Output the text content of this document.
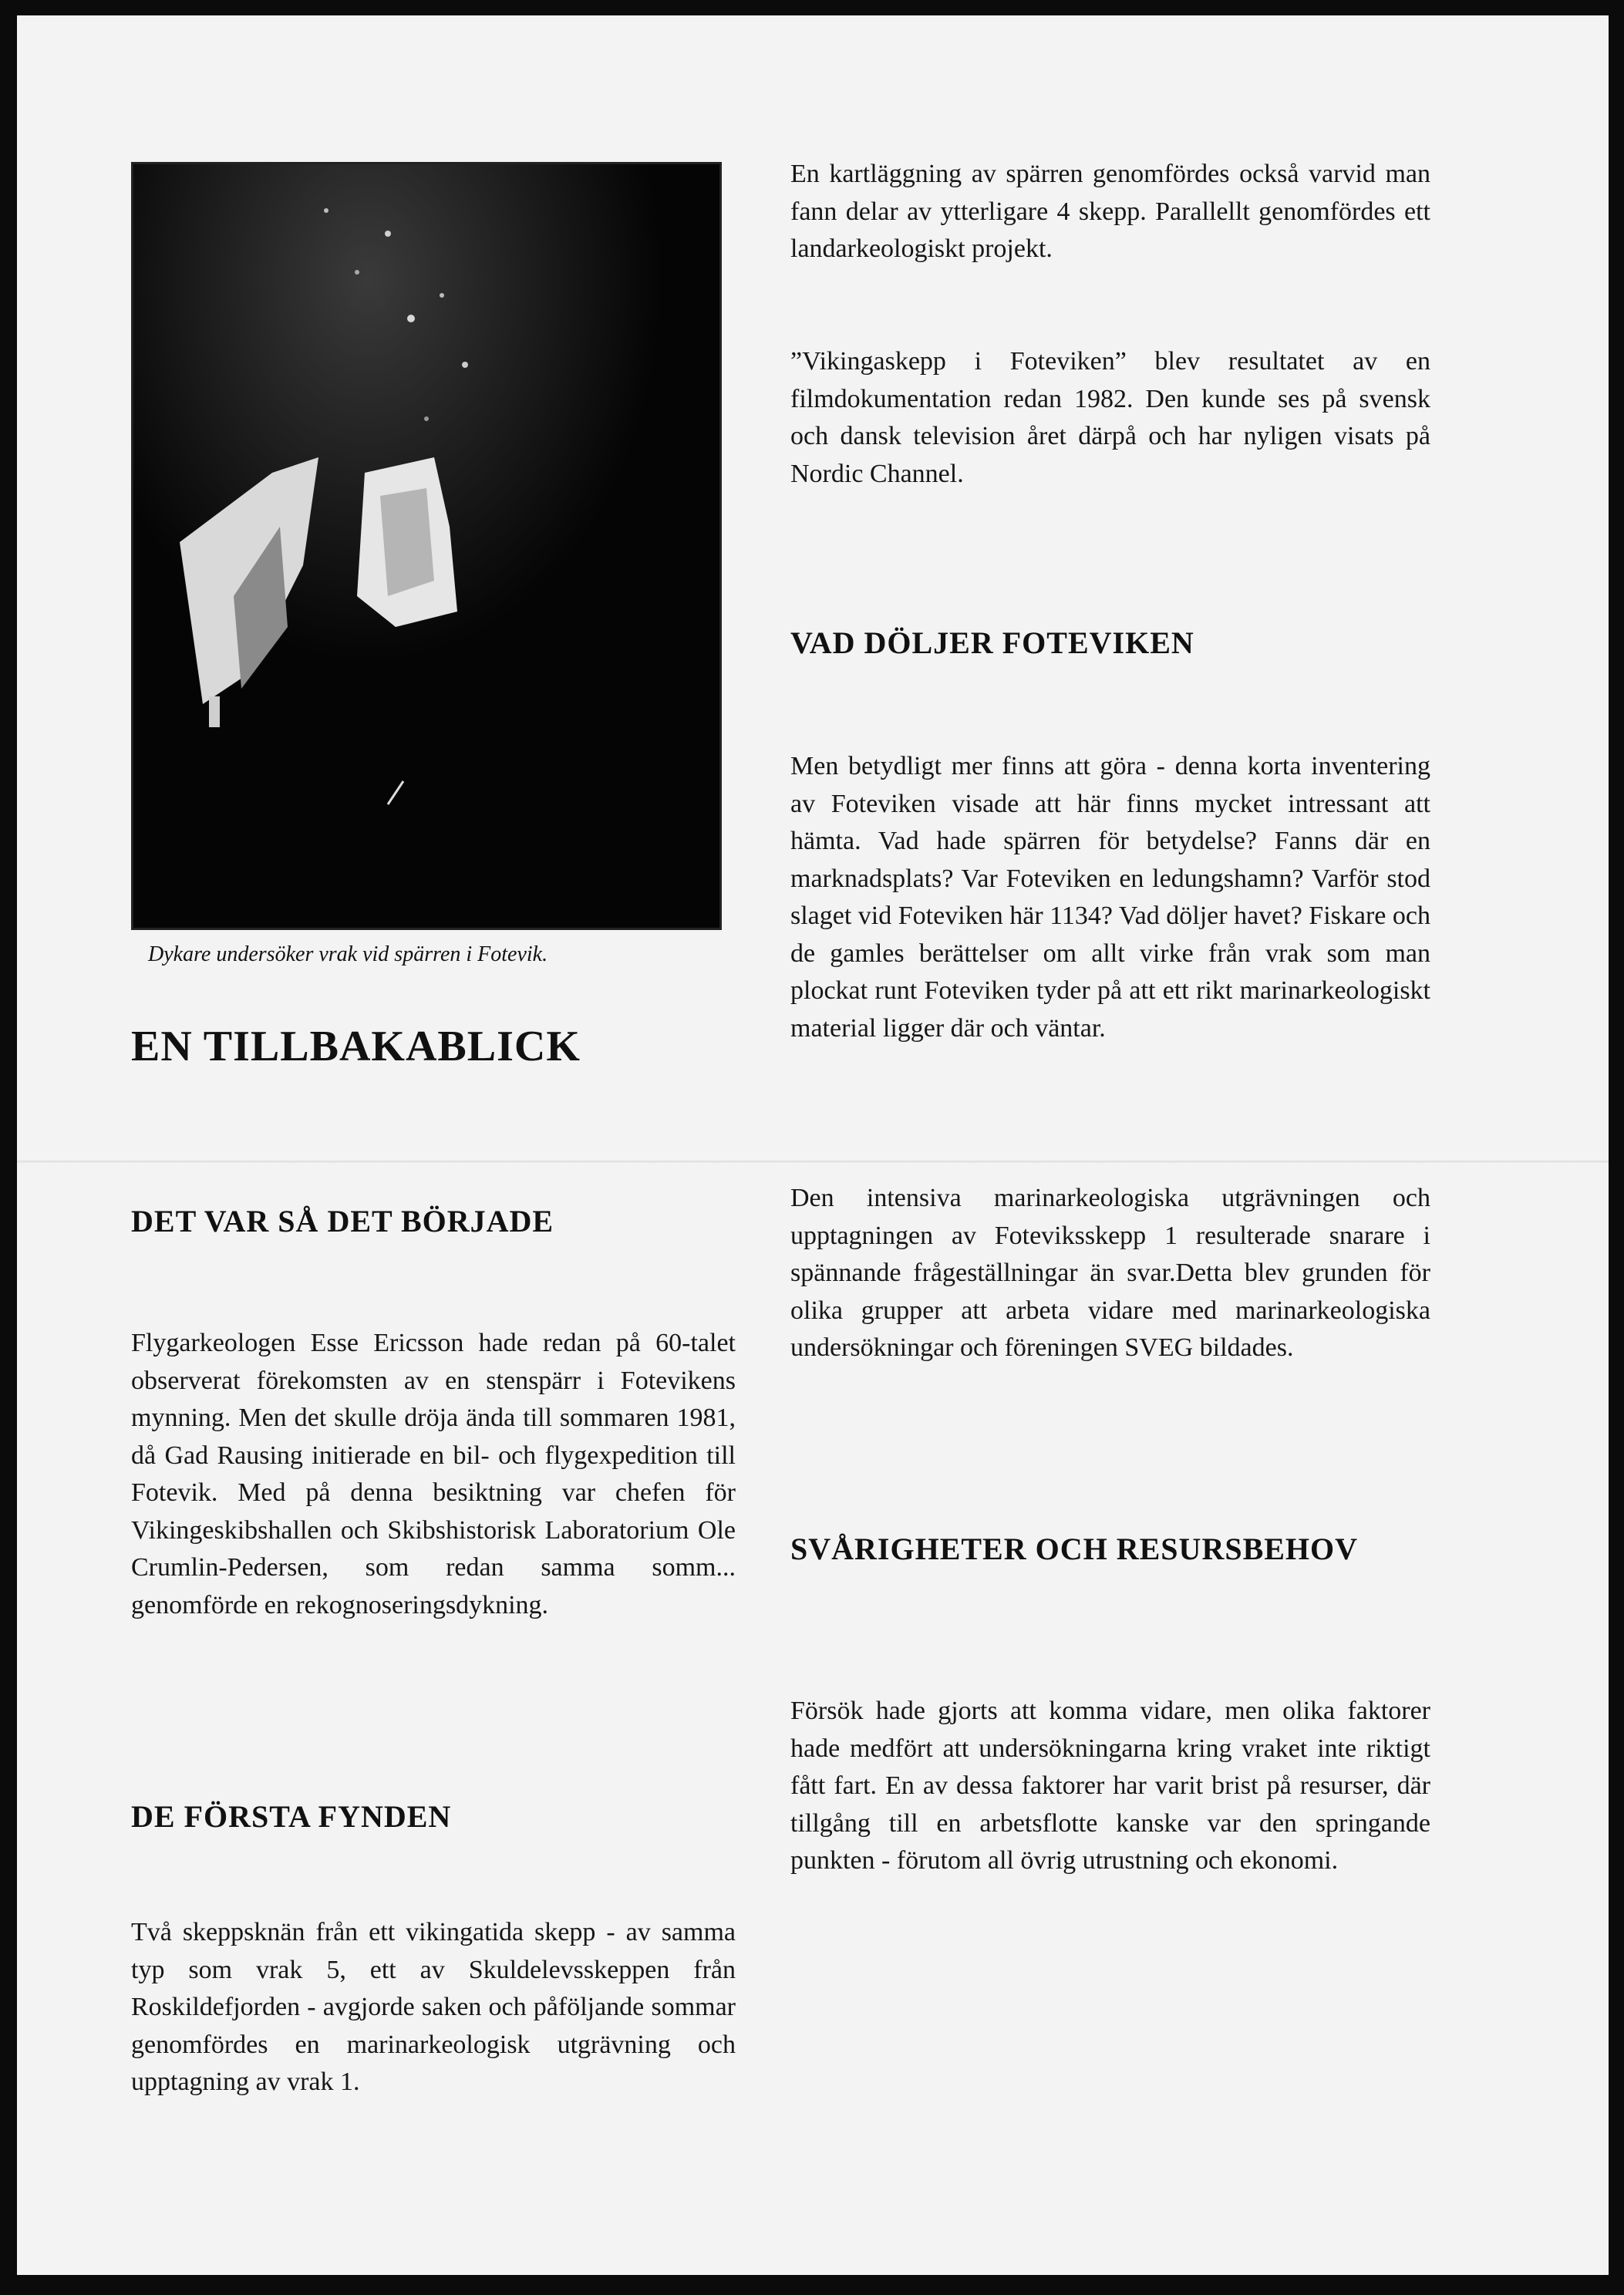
Dykare undersöker vrak vid spärren i Fotevik.

EN TILLBAKABLICK
DET VAR SÅ DET BÖRJADE

Flygarkeologen Esse Ericsson hade redan på 60-talet observerat förekomsten av en stenspärr i Fotevikens mynning. Men det skulle dröja ända till sommaren 1981, då Gad Rausing initierade en bil- och flygexpedition till Fotevik. Med på denna besiktning var chefen för Vikingeskibshallen och Skibshistorisk Laboratorium Ole Crumlin-Pedersen, som redan samma somm... genomförde en rekognoseringsdykning.

DE FÖRSTA FYNDEN

Två skeppsknän från ett vikingatida skepp - av samma typ som vrak 5, ett av Skuldelevsskeppen från Roskildefjorden - avgjorde saken och påföljande sommar genomfördes en marinarkeologisk utgrävning och upptagning av vrak 1.

En kartläggning av spärren genomfördes också varvid man fann delar av ytterligare 4 skepp. Parallellt genomfördes ett landarkeologiskt projekt.

”Vikingaskepp i Foteviken” blev resultatet av en filmdokumentation redan 1982. Den kunde ses på svensk och dansk television året därpå och har nyligen visats på Nordic Channel.

VAD DÖLJER FOTEVIKEN

Men betydligt mer finns att göra - denna korta inventering av Foteviken visade att här finns mycket intressant att hämta. Vad hade spärren för betydelse? Fanns där en marknadsplats? Var Foteviken en ledungshamn? Varför stod slaget vid Foteviken här 1134? Vad döljer havet? Fiskare och de gamles berättelser om allt virke från vrak som man plockat runt Foteviken tyder på att ett rikt marinarkeologiskt material ligger där och väntar.

Den intensiva marinarkeologiska utgrävningen och upptagningen av Foteviksskepp 1 resulterade snarare i spännande frågeställningar än svar.Detta blev grunden för olika grupper att arbeta vidare med marinarkeologiska undersökningar och föreningen SVEG bildades.

SVÅRIGHETER OCH RESURSBEHOV

Försök hade gjorts att komma vidare, men olika faktorer hade medfört att undersökningarna kring vraket inte riktigt fått fart. En av dessa faktorer har varit brist på resurser, där tillgång till en arbetsflotte kanske var den springande punkten - förutom all övrig utrustning och ekonomi.
